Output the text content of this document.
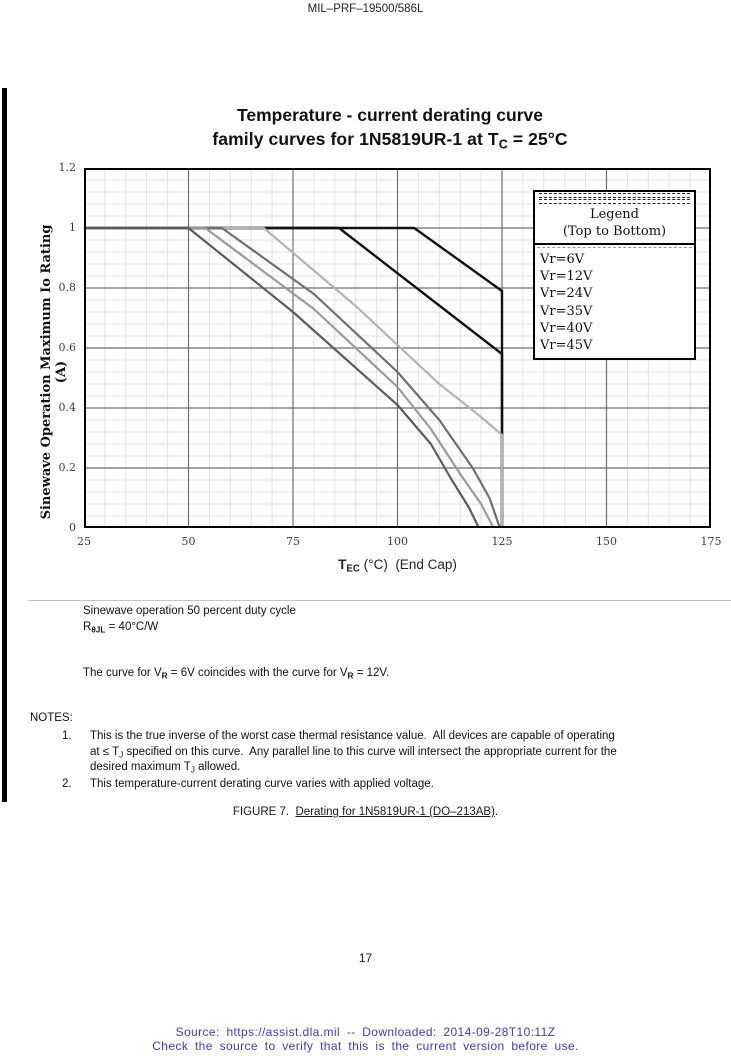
MIL–PRF–19500/586L
Temperature - current derating curve
family curves for 1N5819UR-1 at $T_C = 25^\circ C$
Sinewave Operation Maximum Io Rating (A)
0
0.2
0.4
0.6
0.8
1
1.2
25	50	75	100	125	150	175
$T_{EC}$ (°C)  (End Cap)
Legend
(Top to Bottom)
Vr=6V
Vr=12V
Vr=24V
Vr=35V
Vr=40V
Vr=45V
Sinewave operation 50 percent duty cycle
$R_{\theta JL} = 40^\circ C/W$
The curve for $V_R = 6V$ coincides with the curve for $V_R = 12V$.
NOTES:
1.	This is the true inverse of the worst case thermal resistance value.  All devices are capable of operating
at ≤ $T_J$ specified on this curve.  Any parallel line to this curve will intersect the appropriate current for the
desired maximum $T_J$ allowed.
2.	This temperature-current derating curve varies with applied voltage.
FIGURE 7.  Derating for 1N5819UR-1 (DO–213AB).
17
Source: https://assist.dla.mil -- Downloaded: 2014-09-28T10:11Z
Check the source to verify that this is the current version before use.
